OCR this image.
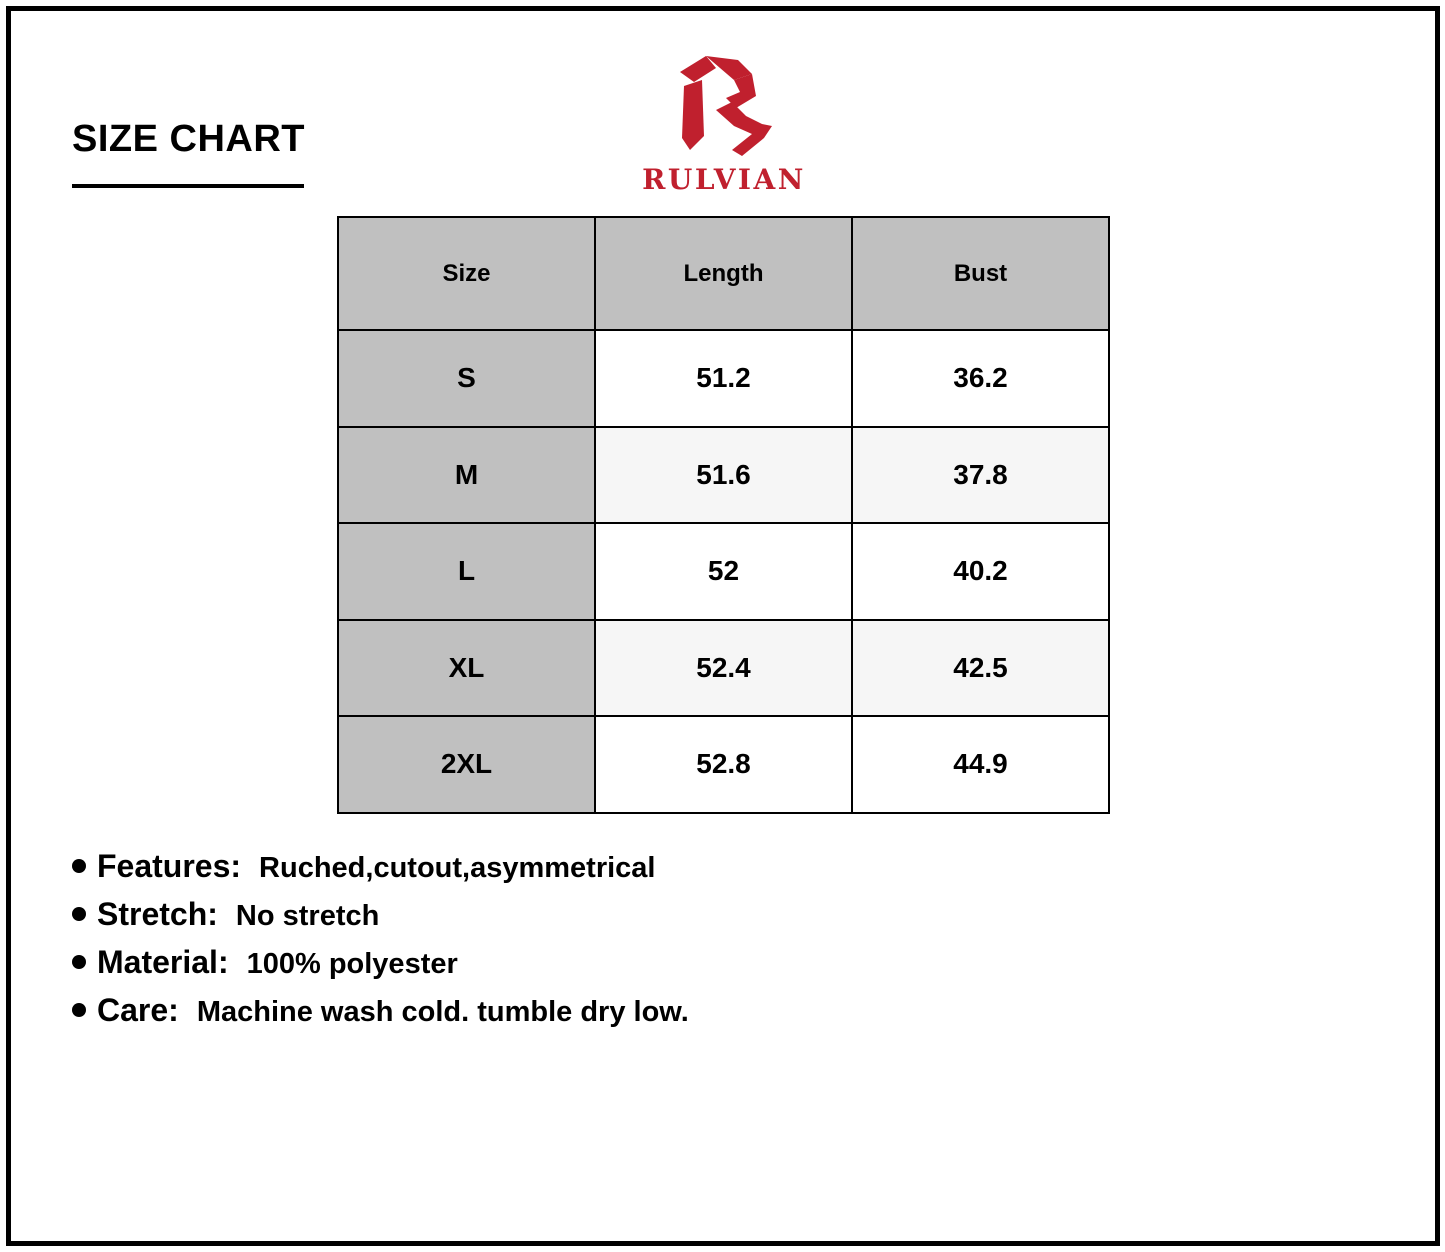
SIZE CHART
RULVIAN
Size	Length	Bust
S	51.2	36.2
M	51.6	37.8
L	52	40.2
XL	52.4	42.5
2XL	52.8	44.9
Features: Ruched,cutout,asymmetrical
Stretch: No stretch
Material: 100% polyester
Care: Machine wash cold. tumble dry low.
